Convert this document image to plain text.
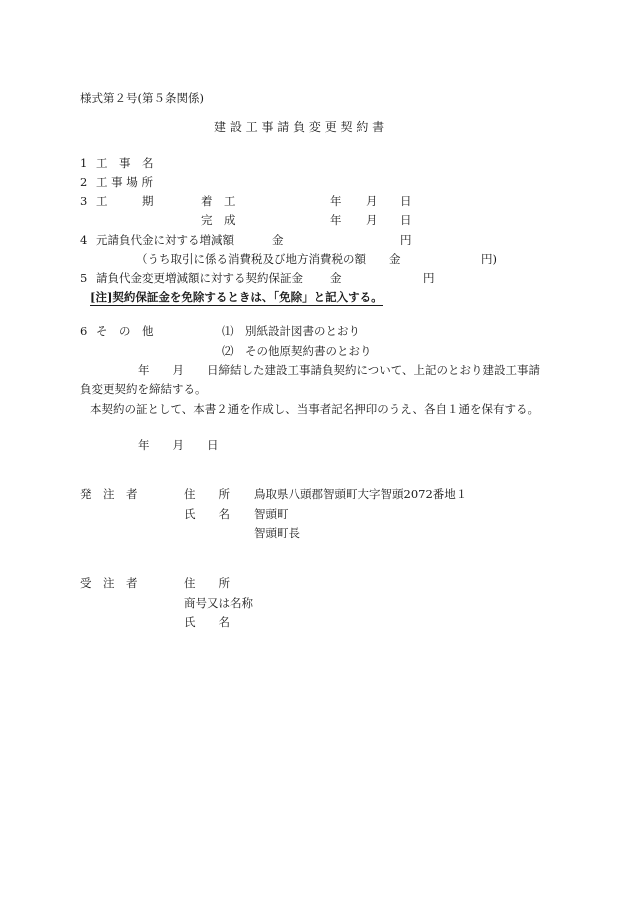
様式第２号(第５条関係)
建 設 工 事 請 負 変 更 契 約 書
1 工　事　名
2 工 事 場 所
3 工　　　期	着　工	年 月 日
完　成	年 月 日
4 元請負代金に対する増減額	金	円
（うち取引に係る消費税及び地方消費税の額 金	円)
5 請負代金変更増減額に対する契約保証金 金	円
[注]契約保証金を免除するときは、「免除」と記入する。
6 そ　の　他	⑴　別紙設計図書のとおり
⑵　その他原契約書のとおり
年　　月　　日締結した建設工事請負契約について、上記のとおり建設工事請
負変更契約を締結する。
本契約の証として、本書２通を作成し、当事者記名押印のうえ、各自１通を保有する。
年　　月　　日
発　注　者	住　　所 鳥取県八頭郡智頭町大字智頭2072番地１
氏　　名 智頭町
智頭町長
受　注　者	住　　所
商号又は名称
氏　　名
